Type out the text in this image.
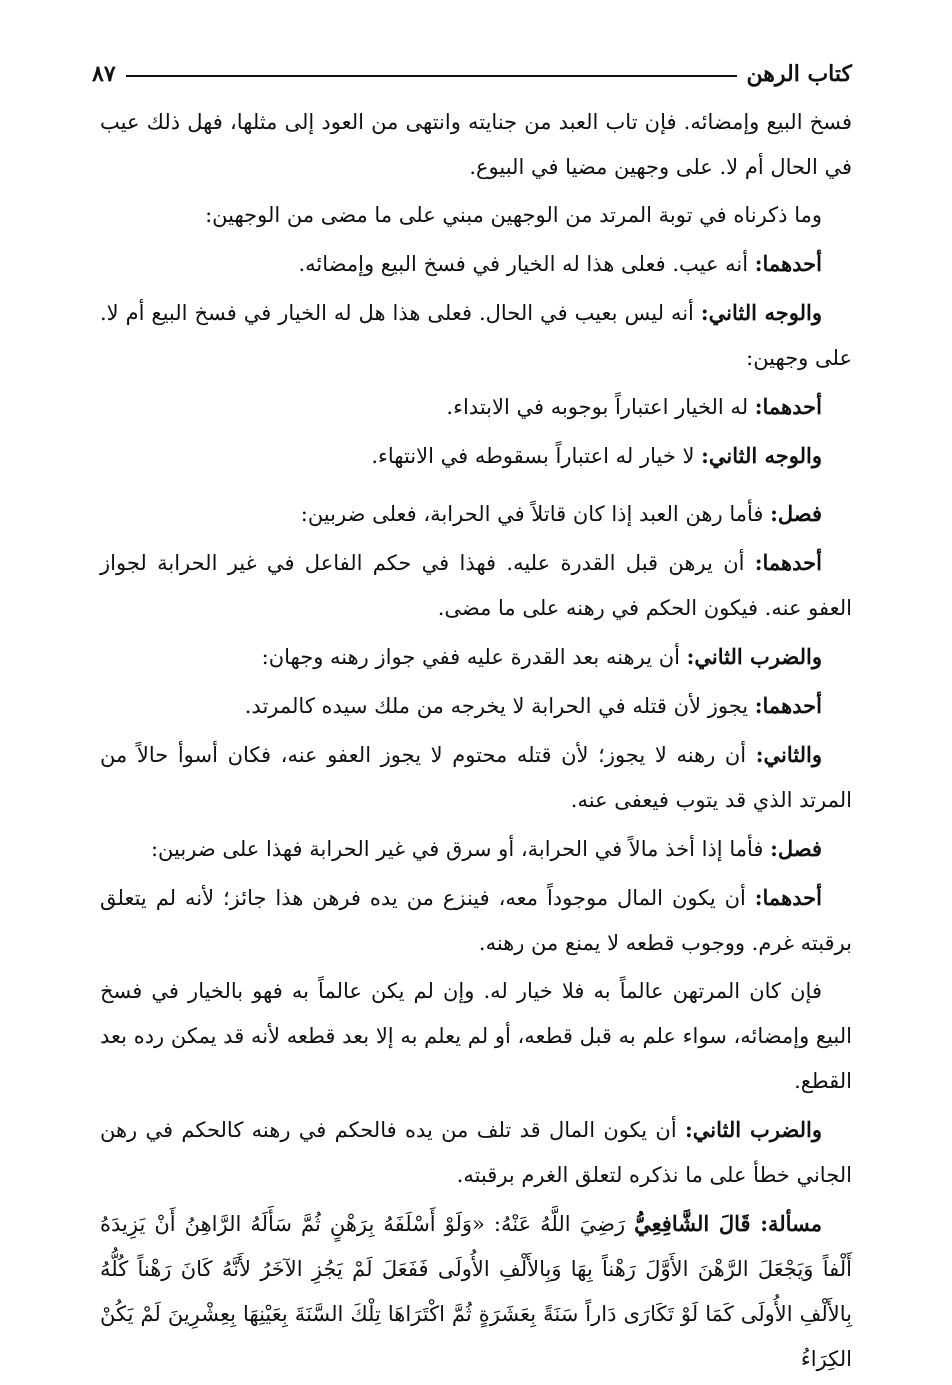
٨٧	كتاب الرهن

فسخ البيع وإمضائه. فإن تاب العبد من جنايته وانتهى من العود إلى مثلها، فهل ذلك عيب في الحال أم لا. على وجهين مضيا في البيوع.

وما ذكرناه في توبة المرتد من الوجهين مبني على ما مضى من الوجهين:

أحدهما: أنه عيب. فعلى هذا له الخيار في فسخ البيع وإمضائه.

والوجه الثاني: أنه ليس بعيب في الحال. فعلى هذا هل له الخيار في فسخ البيع أم لا. على وجهين:

أحدهما: له الخيار اعتباراً بوجوبه في الابتداء.

والوجه الثاني: لا خيار له اعتباراً بسقوطه في الانتهاء.

فصل: فأما رهن العبد إذا كان قاتلاً في الحرابة، فعلى ضربين:

أحدهما: أن يرهن قبل القدرة عليه. فهذا في حكم الفاعل في غير الحرابة لجواز العفو عنه. فيكون الحكم في رهنه على ما مضى.

والضرب الثاني: أن يرهنه بعد القدرة عليه ففي جواز رهنه وجهان:

أحدهما: يجوز لأن قتله في الحرابة لا يخرجه من ملك سيده كالمرتد.

والثاني: أن رهنه لا يجوز؛ لأن قتله محتوم لا يجوز العفو عنه، فكان أسوأ حالاً من المرتد الذي قد يتوب فيعفى عنه.

فصل: فأما إذا أخذ مالاً في الحرابة، أو سرق في غير الحرابة فهذا على ضربين:

أحدهما: أن يكون المال موجوداً معه، فينزع من يده فرهن هذا جائز؛ لأنه لم يتعلق برقبته غرم. ووجوب قطعه لا يمنع من رهنه.

فإن كان المرتهن عالماً به فلا خيار له. وإن لم يكن عالماً به فهو بالخيار في فسخ البيع وإمضائه، سواء علم به قبل قطعه، أو لم يعلم به إلا بعد قطعه لأنه قد يمكن رده بعد القطع.

والضرب الثاني: أن يكون المال قد تلف من يده فالحكم في رهنه كالحكم في رهن الجاني خطأ على ما نذكره لتعلق الغرم برقبته.

مسألة: قَالَ الشَّافِعِيُّ رَضِيَ اللَّهُ عَنْهُ: «وَلَوْ أَسْلَفَهُ بِرَهْنٍ ثُمَّ سَأَلَهُ الرَّاهِنُ أَنْ يَزِيدَهُ أَلْفاً وَيَجْعَلَ الرَّهْنَ الأَوَّلَ رَهْناً بِهَا وَبِالأَلْفِ الأُولَى فَفَعَلَ لَمْ يَجُزِ الآخَرُ لأَنَّهُ كَانَ رَهْناً كُلُّهُ بِالأَلْفِ الأُولَى كَمَا لَوْ تَكَارَى دَاراً سَنَةً بِعَشَرَةٍ ثُمَّ اكْتَرَاهَا تِلْكَ السَّنَةَ بِعَيْنِهَا بِعِشْرِينَ لَمْ يَكُنْ الكِرَاءُ
